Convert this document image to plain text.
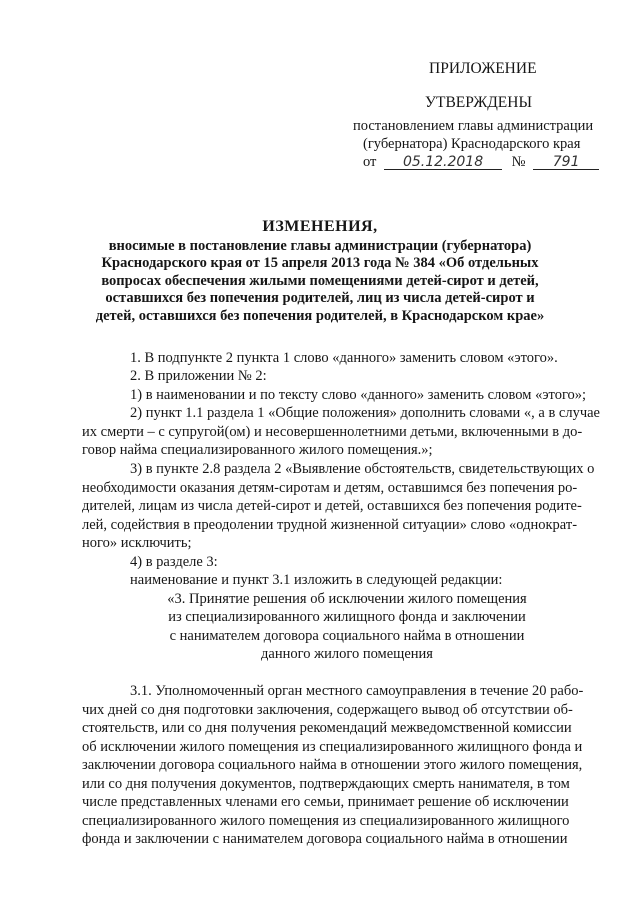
ПРИЛОЖЕНИЕ
УТВЕРЖДЕНЫ
постановлением главы администрации
(губернатора) Краснодарского края
от 05.12.2018 № 791
ИЗМЕНЕНИЯ,
вносимые в постановление главы администрации (губернатора)
Краснодарского края от 15 апреля 2013 года № 384 «Об отдельных
вопросах обеспечения жилыми помещениями детей-сирот и детей,
оставшихся без попечения родителей, лиц из числа детей-сирот и
детей, оставшихся без попечения родителей, в Краснодарском крае»
1. В подпункте 2 пункта 1 слово «данного» заменить словом «этого».
2. В приложении № 2:
1) в наименовании и по тексту слово «данного» заменить словом «этого»;
2) пункт 1.1 раздела 1 «Общие положения» дополнить словами «, а в случае
их смерти – с супругой(ом) и несовершеннолетними детьми, включенными в до-
говор найма специализированного жилого помещения.»;
3) в пункте 2.8 раздела 2 «Выявление обстоятельств, свидетельствующих о
необходимости оказания детям-сиротам и детям, оставшимся без попечения ро-
дителей, лицам из числа детей-сирот и детей, оставшихся без попечения родите-
лей, содействия в преодолении трудной жизненной ситуации» слово «однократ-
ного» исключить;
4) в разделе 3:
наименование и пункт 3.1 изложить в следующей редакции:
«3. Принятие решения об исключении жилого помещения
из специализированного жилищного фонда и заключении
с нанимателем договора социального найма в отношении
данного жилого помещения
3.1. Уполномоченный орган местного самоуправления в течение 20 рабо-
чих дней со дня подготовки заключения, содержащего вывод об отсутствии об-
стоятельств, или со дня получения рекомендаций межведомственной комиссии
об исключении жилого помещения из специализированного жилищного фонда и
заключении договора социального найма в отношении этого жилого помещения,
или со дня получения документов, подтверждающих смерть нанимателя, в том
числе представленных членами его семьи, принимает решение об исключении
специализированного жилого помещения из специализированного жилищного
фонда и заключении с нанимателем договора социального найма в отношении
